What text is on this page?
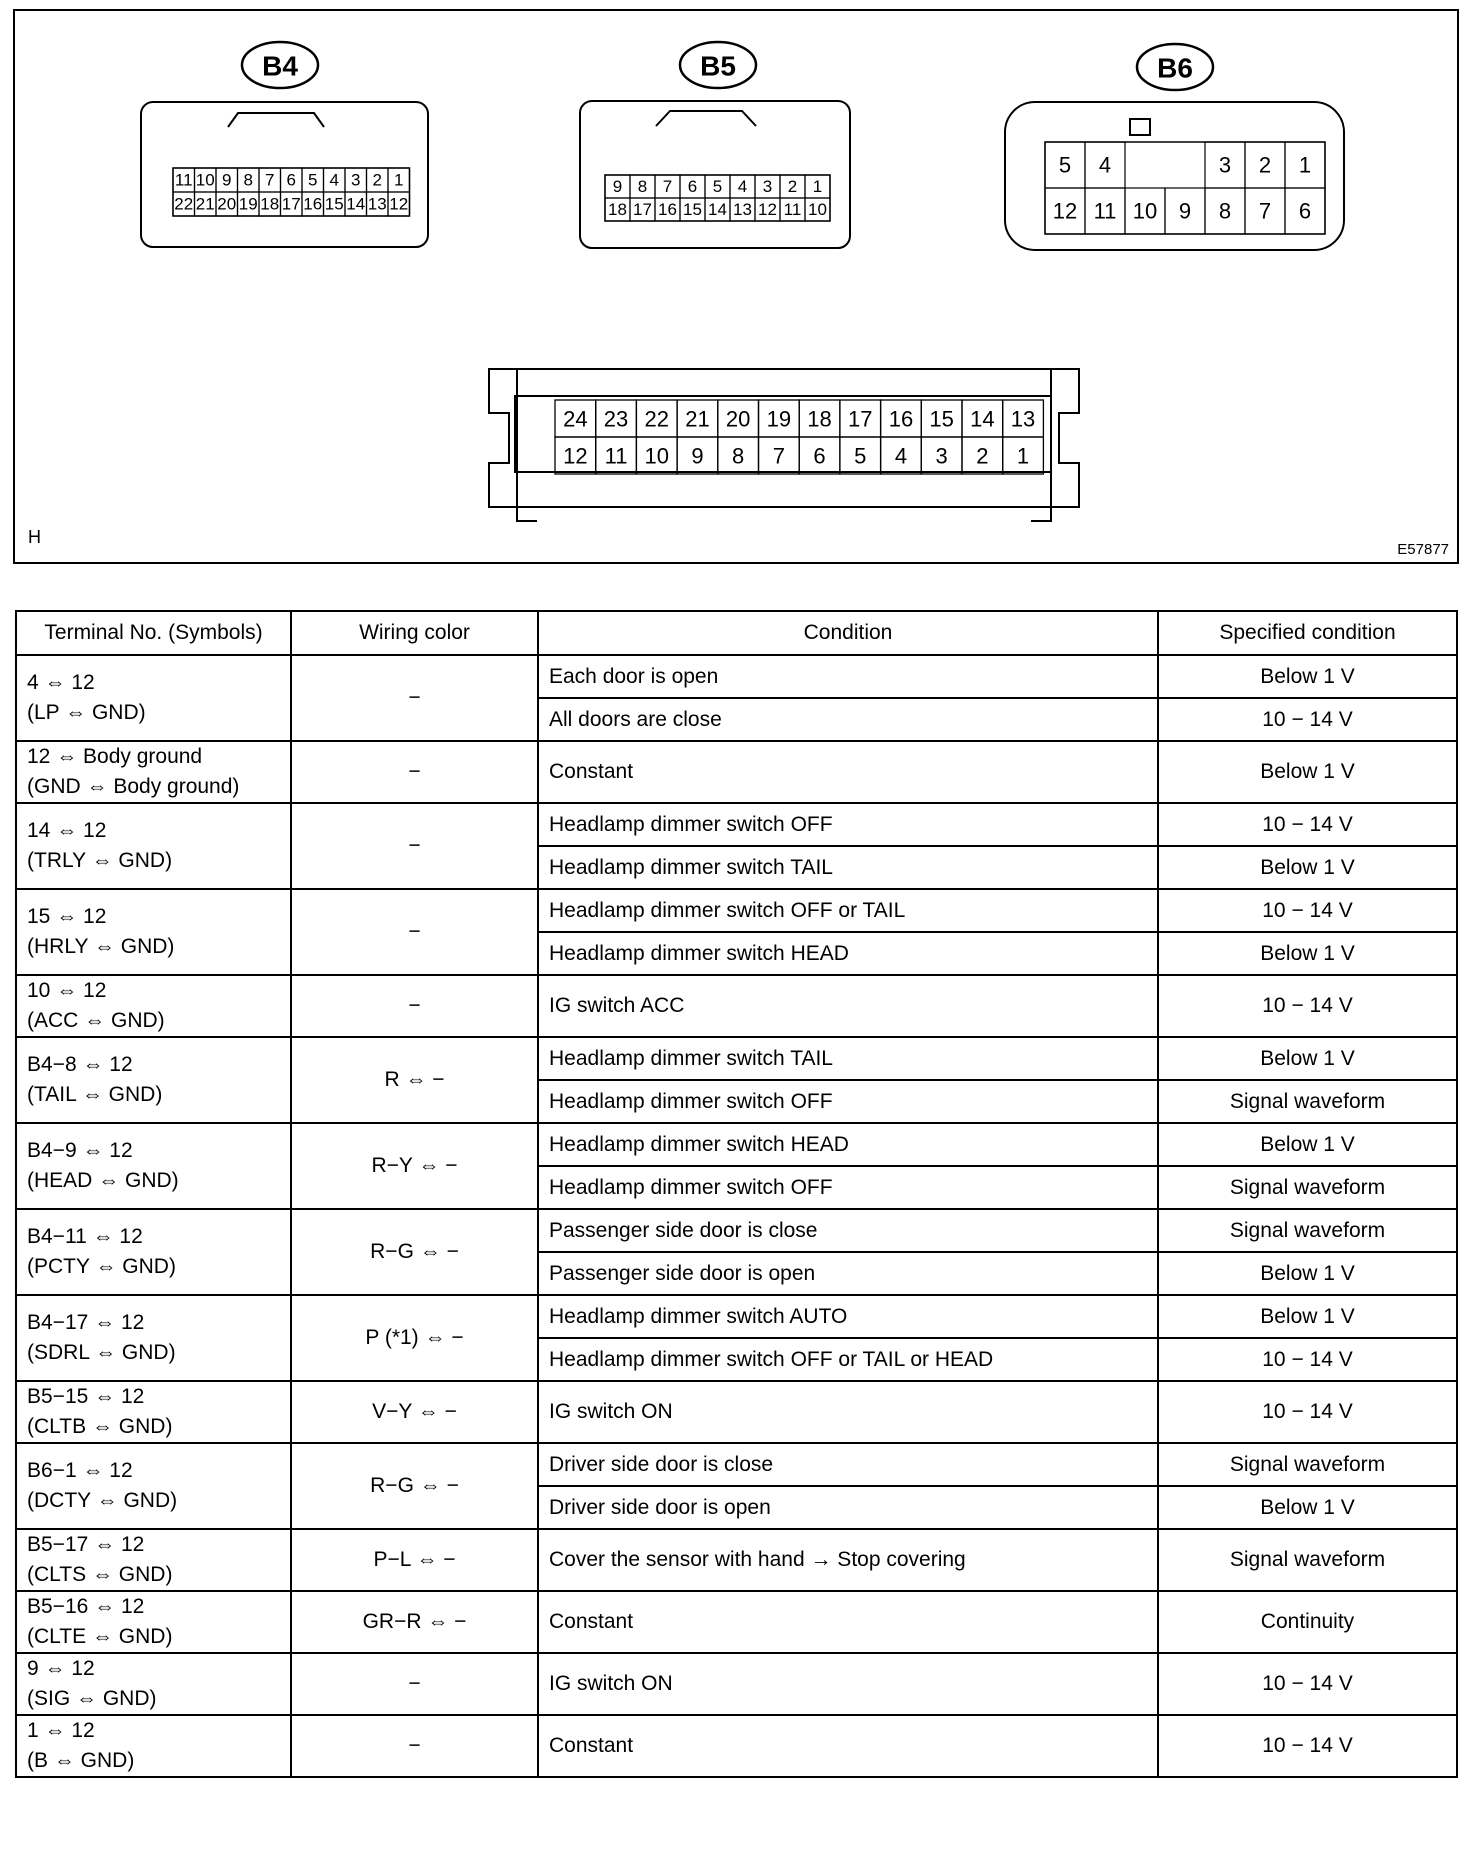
B4	B5	B6
11 10 9 8 7 6 5 4 3 2 1
22 21 20 19 18 17 16 15 14 13 12
9 8 7 6 5 4 3 2 1
18 17 16 15 14 13 12 11 10
5 4	3 2 1
12 11 10 9 8 7 6
24 23 22 21 20 19 18 17 16 15 14 13
12 11 10 9 8 7 6 5 4 3 2 1
H
E57877
Terminal No. (Symbols)	Wiring color	Condition	Specified condition

4 ⇔ 12
(LP ⇔ GND)	−	Each door is open	Below 1 V
		All doors are close	10 − 14 V

12 ⇔ Body ground
(GND ⇔ Body ground)	−	Constant	Below 1 V

14 ⇔ 12
(TRLY ⇔ GND)	−	Headlamp dimmer switch OFF	10 − 14 V
		Headlamp dimmer switch TAIL	Below 1 V

15 ⇔ 12
(HRLY ⇔ GND)	−	Headlamp dimmer switch OFF or TAIL	10 − 14 V
		Headlamp dimmer switch HEAD	Below 1 V

10 ⇔ 12
(ACC ⇔ GND)	−	IG switch ACC	10 − 14 V

B4−8 ⇔ 12
(TAIL ⇔ GND)	R ⇔ −	Headlamp dimmer switch TAIL	Below 1 V
		Headlamp dimmer switch OFF	Signal waveform

B4−9 ⇔ 12
(HEAD ⇔ GND)	R−Y ⇔ −	Headlamp dimmer switch HEAD	Below 1 V
		Headlamp dimmer switch OFF	Signal waveform

B4−11 ⇔ 12
(PCTY ⇔ GND)	R−G ⇔ −	Passenger side door is close	Signal waveform
		Passenger side door is open	Below 1 V

B4−17 ⇔ 12
(SDRL ⇔ GND)	P (*1) ⇔ −	Headlamp dimmer switch AUTO	Below 1 V
		Headlamp dimmer switch OFF or TAIL or HEAD	10 − 14 V

B5−15 ⇔ 12
(CLTB ⇔ GND)	V−Y ⇔ −	IG switch ON	10 − 14 V

B6−1 ⇔ 12
(DCTY ⇔ GND)	R−G ⇔ −	Driver side door is close	Signal waveform
		Driver side door is open	Below 1 V

B5−17 ⇔ 12
(CLTS ⇔ GND)	P−L ⇔ −	Cover the sensor with hand → Stop covering	Signal waveform

B5−16 ⇔ 12
(CLTE ⇔ GND)	GR−R ⇔ −	Constant	Continuity

9 ⇔ 12
(SIG ⇔ GND)	−	IG switch ON	10 − 14 V

1 ⇔ 12
(B ⇔ GND)	−	Constant	10 − 14 V
